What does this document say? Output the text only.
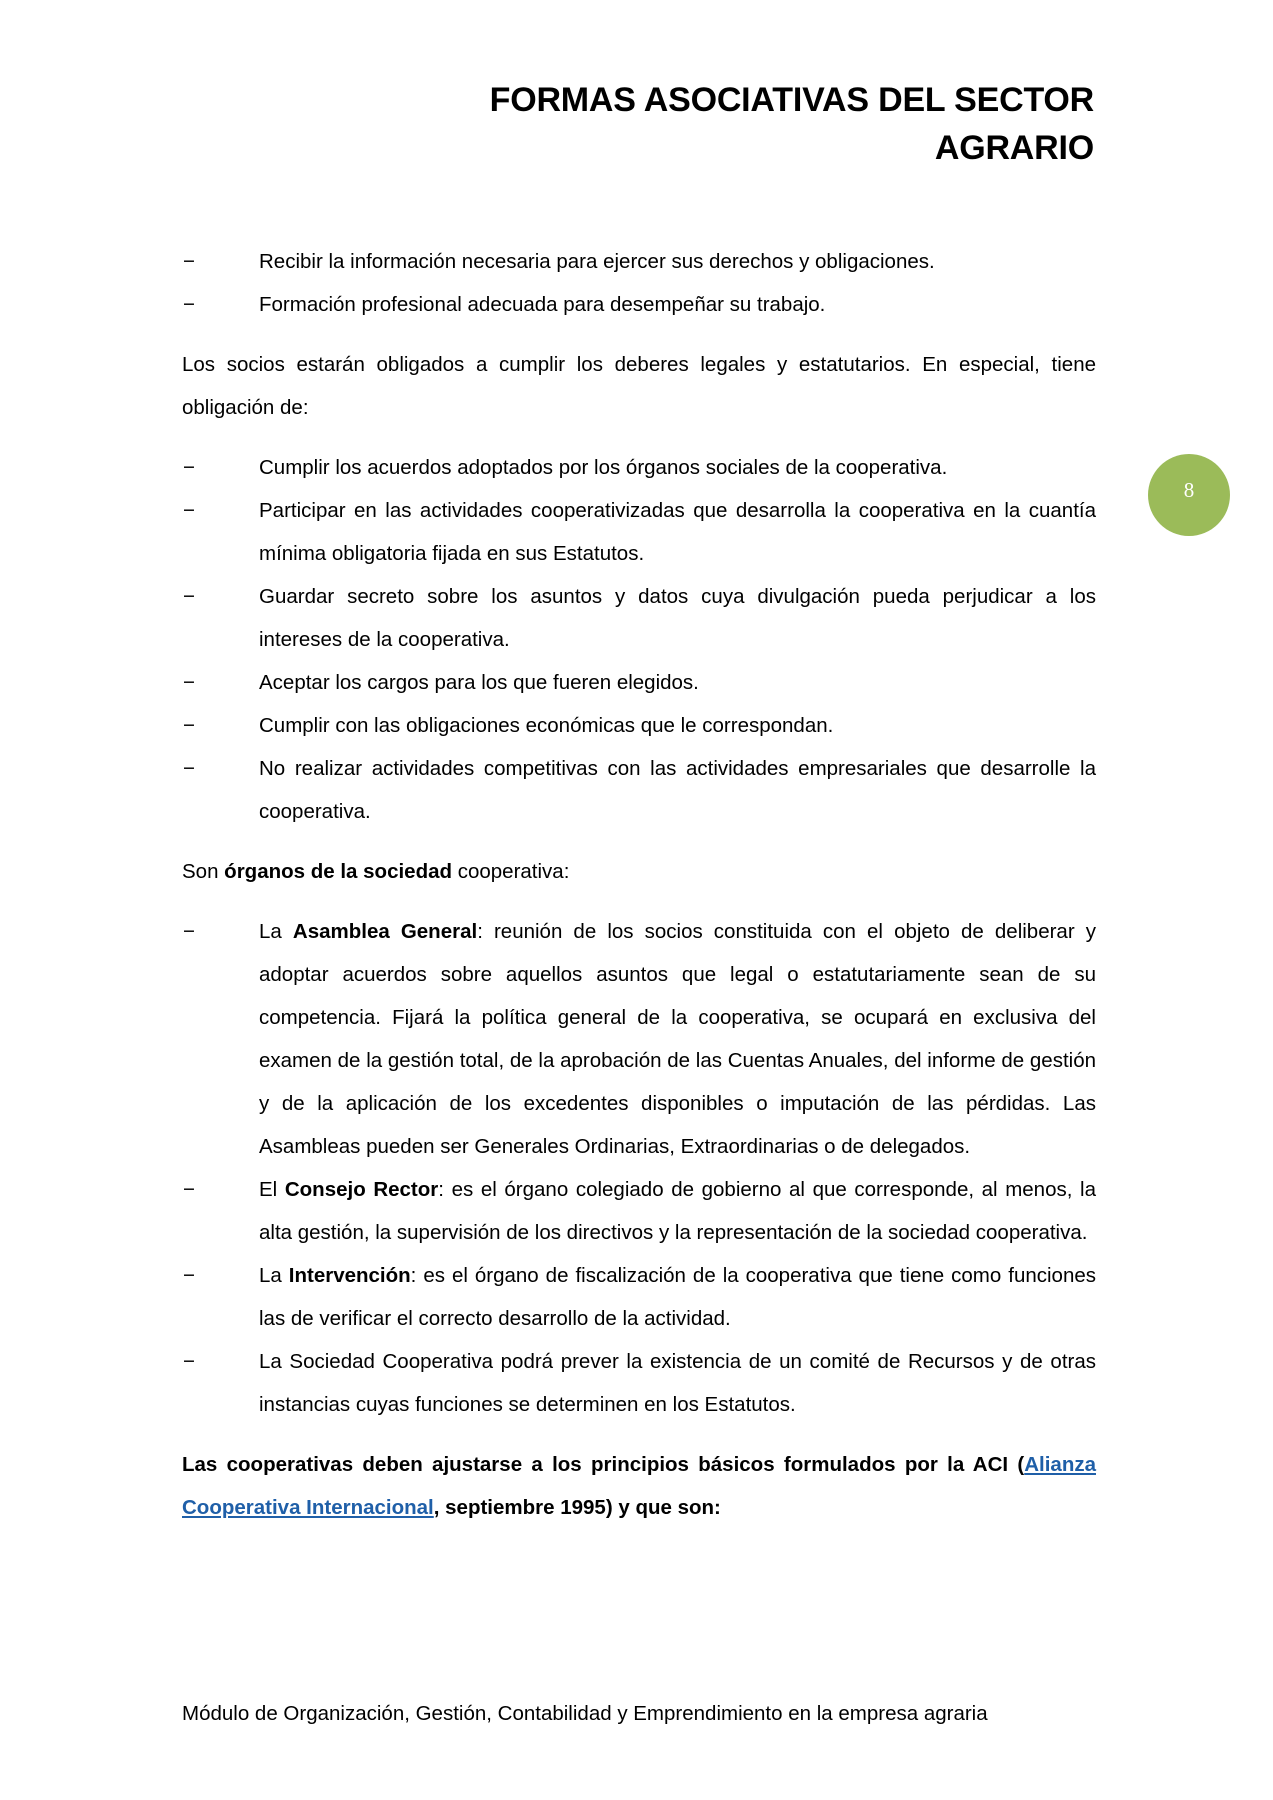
FORMAS ASOCIATIVAS DEL SECTOR AGRARIO
8
− Recibir la información necesaria para ejercer sus derechos y obligaciones.
− Formación profesional adecuada para desempeñar su trabajo.

Los socios estarán obligados a cumplir los deberes legales y estatutarios. En especial, tiene obligación de:

− Cumplir los acuerdos adoptados por los órganos sociales de la cooperativa.
− Participar en las actividades cooperativizadas que desarrolla la cooperativa en la cuantía mínima obligatoria fijada en sus Estatutos.
− Guardar secreto sobre los asuntos y datos cuya divulgación pueda perjudicar a los intereses de la cooperativa.
− Aceptar los cargos para los que fueren elegidos.
− Cumplir con las obligaciones económicas que le correspondan.
− No realizar actividades competitivas con las actividades empresariales que desarrolle la cooperativa.

Son órganos de la sociedad cooperativa:

− La Asamblea General: reunión de los socios constituida con el objeto de deliberar y adoptar acuerdos sobre aquellos asuntos que legal o estatutariamente sean de su competencia. Fijará la política general de la cooperativa, se ocupará en exclusiva del examen de la gestión total, de la aprobación de las Cuentas Anuales, del informe de gestión y de la aplicación de los excedentes disponibles o imputación de las pérdidas. Las Asambleas pueden ser Generales Ordinarias, Extraordinarias o de delegados.
− El Consejo Rector: es el órgano colegiado de gobierno al que corresponde, al menos, la alta gestión, la supervisión de los directivos y la representación de la sociedad cooperativa.
− La Intervención: es el órgano de fiscalización de la cooperativa que tiene como funciones las de verificar el correcto desarrollo de la actividad.
− La Sociedad Cooperativa podrá prever la existencia de un comité de Recursos y de otras instancias cuyas funciones se determinen en los Estatutos.

Las cooperativas deben ajustarse a los principios básicos formulados por la ACI (Alianza Cooperativa Internacional, septiembre 1995) y que son:

Módulo de Organización, Gestión, Contabilidad y Emprendimiento en la empresa agraria
